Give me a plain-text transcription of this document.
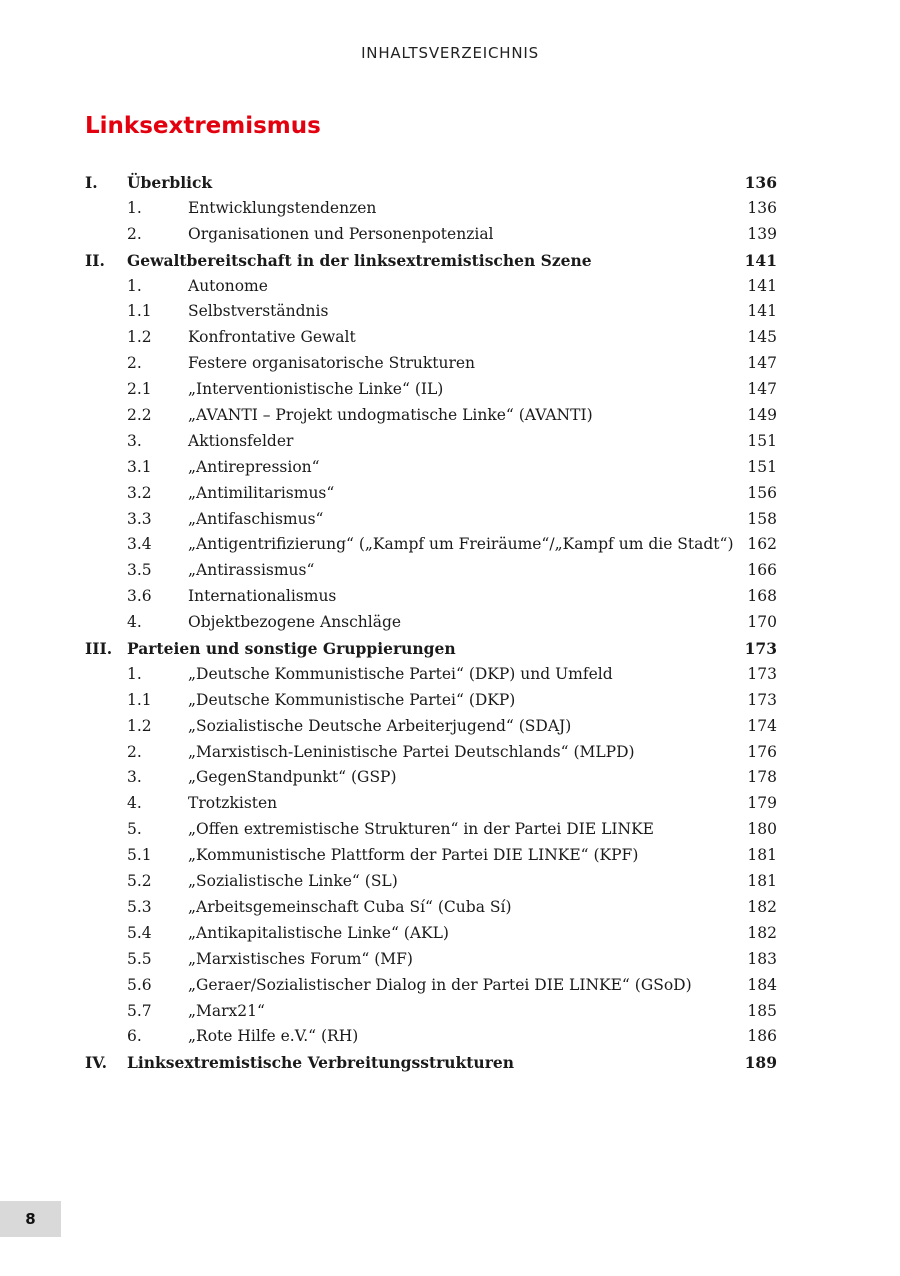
INHALTSVERZEICHNIS
Linksextremismus
I. Überblick	136
1.	Entwicklungstendenzen	136
2.	Organisationen und Personenpotenzial	139
II. Gewaltbereitschaft in der linksextremistischen Szene	141
1.	Autonome	141
1.1 Selbstverständnis	141
1.2 Konfrontative Gewalt	145
2.	Festere organisatorische Strukturen	147
2.1 „Interventionistische Linke“ (IL)	147
2.2 „AVANTI – Projekt undogmatische Linke“ (AVANTI)	149
3.	Aktionsfelder	151
3.1 „Antirepression“	151
3.2 „Antimilitarismus“	156
3.3 „Antifaschismus“	158
3.4 „Antigentrifizierung“ („Kampf um Freiräume“/„Kampf um die Stadt“) 162
3.5 „Antirassismus“	166
3.6 Internationalismus	168
4.	Objektbezogene Anschläge	170
III. Parteien und sonstige Gruppierungen	173
1.	„Deutsche Kommunistische Partei“ (DKP) und Umfeld	173
1.1 „Deutsche Kommunistische Partei“ (DKP)	173
1.2 „Sozialistische Deutsche Arbeiterjugend“ (SDAJ)	174
2.	„Marxistisch-Leninistische Partei Deutschlands“ (MLPD)	176
3.	„GegenStandpunkt“ (GSP)	178
4.	Trotzkisten	179
5.	„Offen extremistische Strukturen“ in der Partei DIE LINKE	180
5.1 „Kommunistische Plattform der Partei DIE LINKE“ (KPF)	181
5.2 „Sozialistische Linke“ (SL)	181
5.3 „Arbeitsgemeinschaft Cuba Sí“ (Cuba Sí)	182
5.4 „Antikapitalistische Linke“ (AKL)	182
5.5 „Marxistisches Forum“ (MF)	183
5.6 „Geraer/Sozialistischer Dialog in der Partei DIE LINKE“ (GSoD)	184
5.7 „Marx21“	185
6.	„Rote Hilfe e.V.“ (RH)	186
IV. Linksextremistische Verbreitungsstrukturen	189
8
